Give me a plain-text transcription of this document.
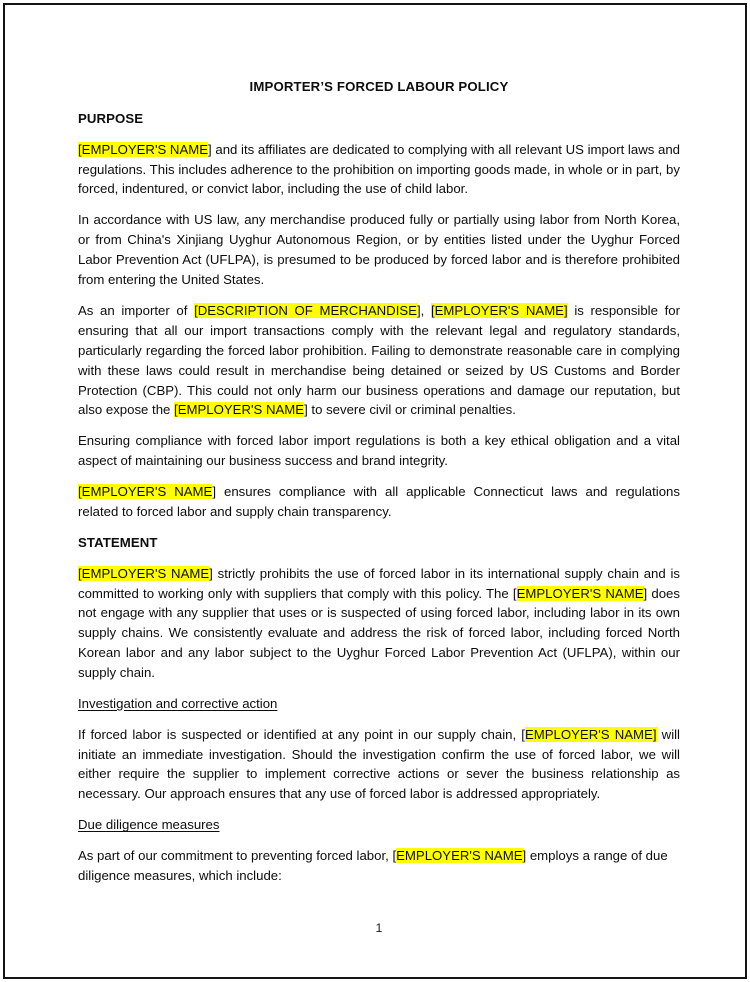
IMPORTER’S FORCED LABOUR POLICY
PURPOSE

[EMPLOYER'S NAME] and its affiliates are dedicated to complying with all relevant US import laws and regulations. This includes adherence to the prohibition on importing goods made, in whole or in part, by forced, indentured, or convict labor, including the use of child labor.

In accordance with US law, any merchandise produced fully or partially using labor from North Korea, or from China's Xinjiang Uyghur Autonomous Region, or by entities listed under the Uyghur Forced Labor Prevention Act (UFLPA), is presumed to be produced by forced labor and is therefore prohibited from entering the United States.

As an importer of [DESCRIPTION OF MERCHANDISE], [EMPLOYER'S NAME] is responsible for ensuring that all our import transactions comply with the relevant legal and regulatory standards, particularly regarding the forced labor prohibition. Failing to demonstrate reasonable care in complying with these laws could result in merchandise being detained or seized by US Customs and Border Protection (CBP). This could not only harm our business operations and damage our reputation, but also expose the [EMPLOYER'S NAME] to severe civil or criminal penalties.

Ensuring compliance with forced labor import regulations is both a key ethical obligation and a vital aspect of maintaining our business success and brand integrity.

[EMPLOYER'S NAME] ensures compliance with all applicable Connecticut laws and regulations related to forced labor and supply chain transparency.

STATEMENT

[EMPLOYER'S NAME] strictly prohibits the use of forced labor in its international supply chain and is committed to working only with suppliers that comply with this policy. The [EMPLOYER'S NAME] does not engage with any supplier that uses or is suspected of using forced labor, including labor in its own supply chains. We consistently evaluate and address the risk of forced labor, including forced North Korean labor and any labor subject to the Uyghur Forced Labor Prevention Act (UFLPA), within our supply chain.

Investigation and corrective action

If forced labor is suspected or identified at any point in our supply chain, [EMPLOYER'S NAME] will initiate an immediate investigation. Should the investigation confirm the use of forced labor, we will either require the supplier to implement corrective actions or sever the business relationship as necessary. Our approach ensures that any use of forced labor is addressed appropriately.

Due diligence measures

As part of our commitment to preventing forced labor, [EMPLOYER'S NAME] employs a range of due diligence measures, which include:

1
